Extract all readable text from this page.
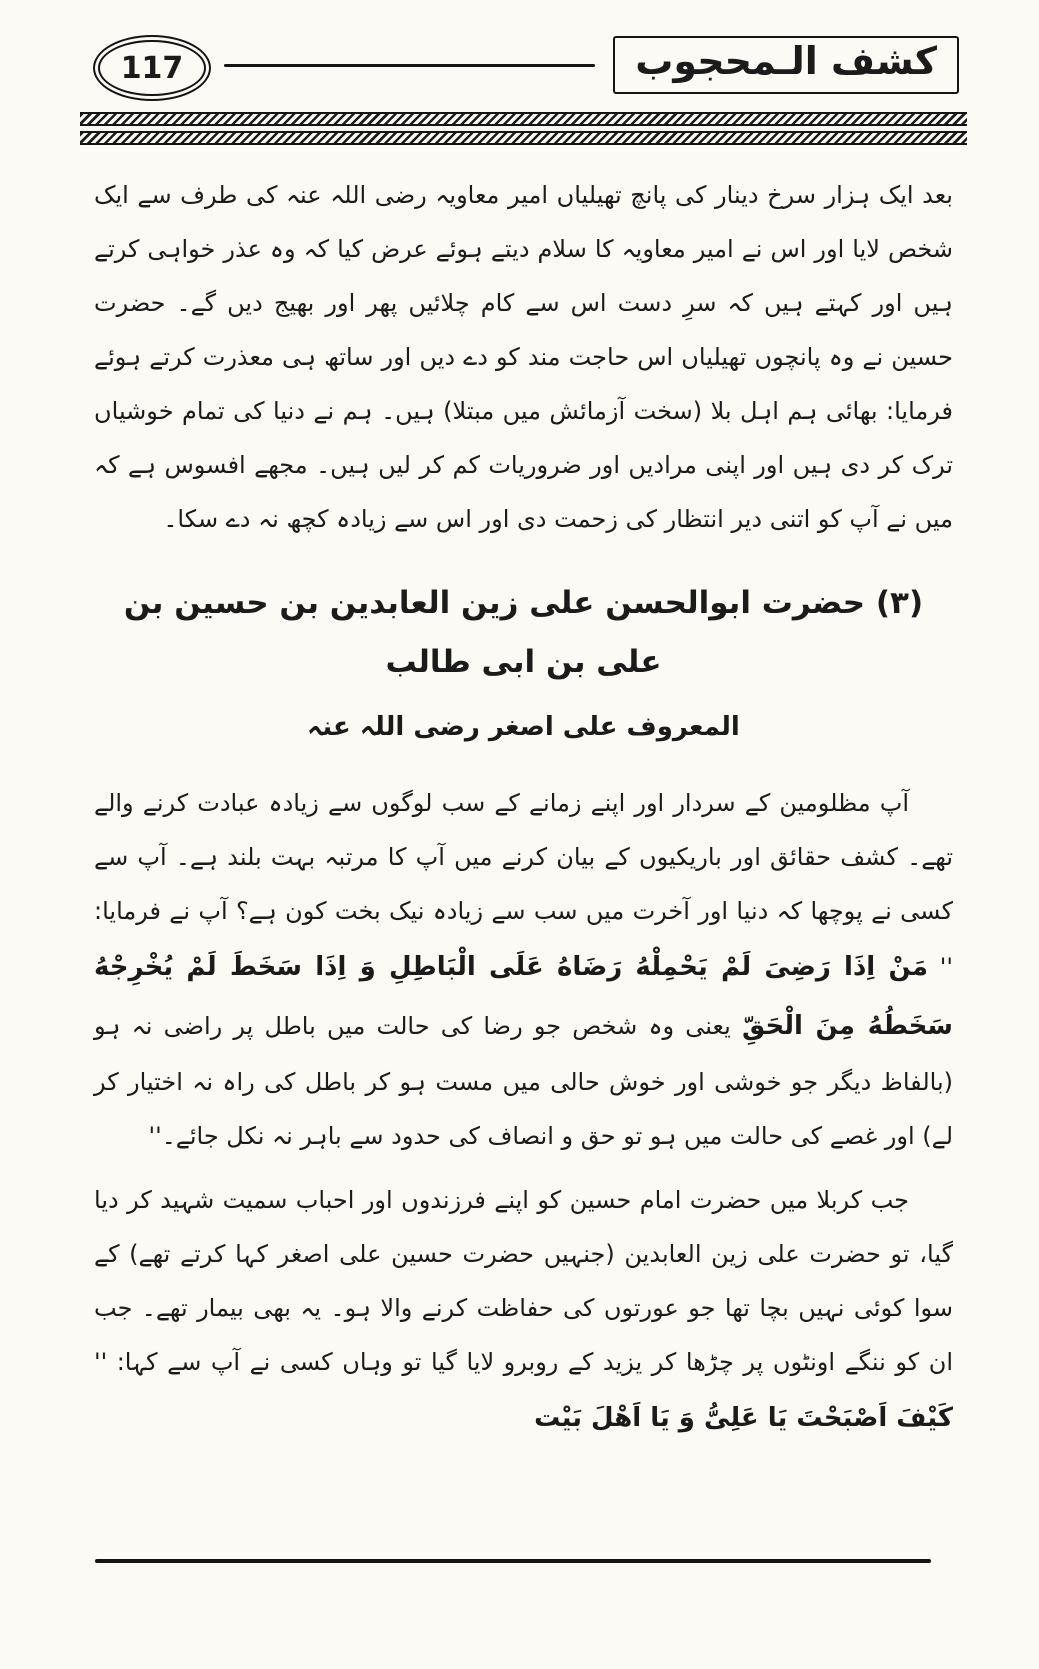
کشف الـمحجوب
117

بعد ایک ہزار سرخ دینار کی پانچ تھیلیاں امیر معاویہ رضی اللہ عنہ کی طرف سے ایک شخص لایا اور اس نے امیر معاویہ کا سلام دیتے ہوئے عرض کیا کہ وہ عذر خواہی کرتے ہیں اور کہتے ہیں کہ سرِ دست اس سے کام چلائیں پھر اور بھیج دیں گے۔ حضرت حسین نے وہ پانچوں تھیلیاں اس حاجت مند کو دے دیں اور ساتھ ہی معذرت کرتے ہوئے فرمایا: بھائی ہم اہل بلا (سخت آزمائش میں مبتلا) ہیں۔ ہم نے دنیا کی تمام خوشیاں ترک کر دی ہیں اور اپنی مرادیں اور ضروریات کم کر لیں ہیں۔ مجھے افسوس ہے کہ میں نے آپ کو اتنی دیر انتظار کی زحمت دی اور اس سے زیادہ کچھ نہ دے سکا۔

(۳) حضرت ابوالحسن علی زین العابدین بن حسین بن علی بن ابی طالب
المعروف علی اصغر رضی اللہ عنہ

آپ مظلومین کے سردار اور اپنے زمانے کے سب لوگوں سے زیادہ عبادت کرنے والے تھے۔ کشف حقائق اور باریکیوں کے بیان کرنے میں آپ کا مرتبہ بہت بلند ہے۔ آپ سے کسی نے پوچھا کہ دنیا اور آخرت میں سب سے زیادہ نیک بخت کون ہے؟ آپ نے فرمایا: '' مَنْ اِذَا رَضِیَ لَمْ یَحْمِلْهُ رَضَاهُ عَلَی الْبَاطِلِ وَ اِذَا سَخَطَ لَمْ یُخْرِجْهُ سَخَطُهُ مِنَ الْحَقِّ یعنی وہ شخص جو رضا کی حالت میں باطل پر راضی نہ ہو (بالفاظ دیگر جو خوشی اور خوش حالی میں مست ہو کر باطل کی راہ نہ اختیار کر لے) اور غصے کی حالت میں ہو تو حق و انصاف کی حدود سے باہر نہ نکل جائے۔''

جب کربلا میں حضرت امام حسین کو اپنے فرزندوں اور احباب سمیت شہید کر دیا گیا، تو حضرت علی زین العابدین (جنہیں حضرت حسین علی اصغر کہا کرتے تھے) کے سوا کوئی نہیں بچا تھا جو عورتوں کی حفاظت کرنے والا ہو۔ یہ بھی بیمار تھے۔ جب ان کو ننگے اونٹوں پر چڑھا کر یزید کے روبرو لایا گیا تو وہاں کسی نے آپ سے کہا: '' کَیْفَ اَصْبَحْتَ یَا عَلِیُّ وَ یَا اَهْلَ بَیْت
